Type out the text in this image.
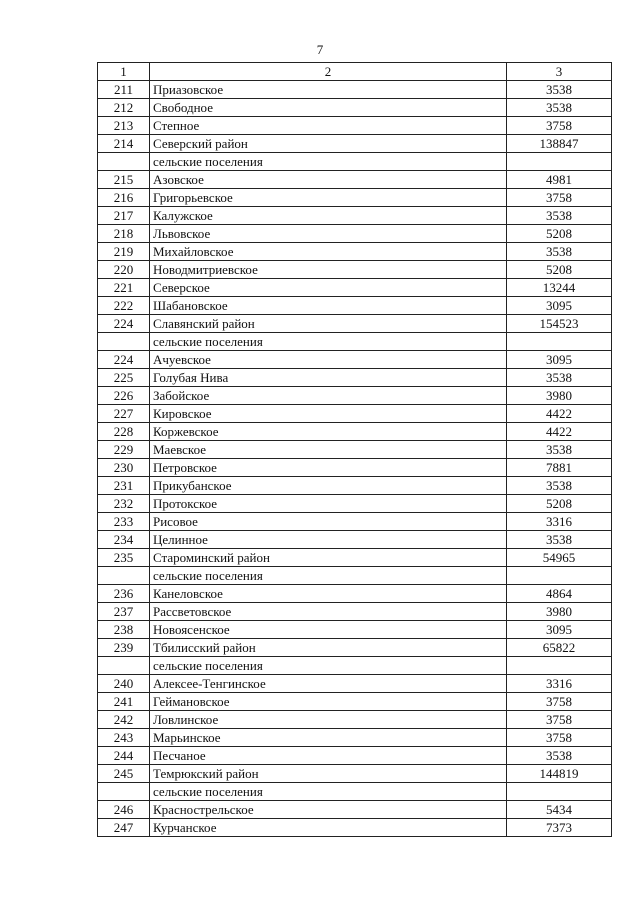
7
1	2	3
211	Приазовское	3538
212	Свободное	3538
213	Степное	3758
214	Северский район	138847
	сельские поселения	
215	Азовское	4981
216	Григорьевское	3758
217	Калужское	3538
218	Львовское	5208
219	Михайловское	3538
220	Новодмитриевское	5208
221	Северское	13244
222	Шабановское	3095
224	Славянский район	154523
	сельские поселения	
224	Ачуевское	3095
225	Голубая Нива	3538
226	Забойское	3980
227	Кировское	4422
228	Коржевское	4422
229	Маевское	3538
230	Петровское	7881
231	Прикубанское	3538
232	Протокское	5208
233	Рисовое	3316
234	Целинное	3538
235	Староминский район	54965
	сельские поселения	
236	Канеловское	4864
237	Рассветовское	3980
238	Новоясенское	3095
239	Тбилисский район	65822
	сельские поселения	
240	Алексее-Тенгинское	3316
241	Геймановское	3758
242	Ловлинское	3758
243	Марьинское	3758
244	Песчаное	3538
245	Темрюкский район	144819
	сельские поселения	
246	Краснострельское	5434
247	Курчанское	7373
